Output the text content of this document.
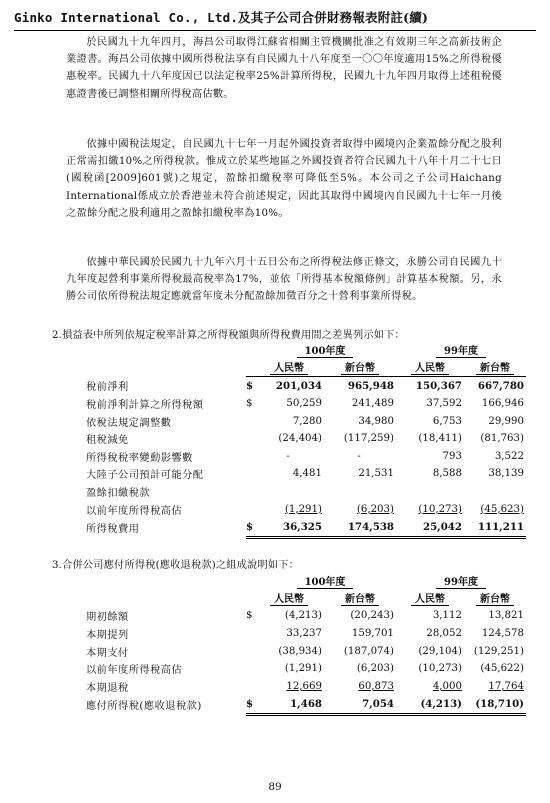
Ginko International Co., Ltd.及其子公司合併財務報表附註(續)
於民國九十九年四月，海昌公司取得江蘇省相關主管機關批准之有效期三年之高新技術企業證書。海昌公司依據中國所得稅法享有自民國九十八年度至一〇〇年度適用15%之所得稅優惠稅率。民國九十八年度因已以法定稅率25%計算所得稅，民國九十九年四月取得上述租稅優惠證書後已調整相關所得稅高估數。
依據中國稅法規定，自民國九十七年一月起外國投資者取得中國境內企業盈餘分配之股利正常需扣繳10%之所得稅款。惟成立於某些地區之外國投資者符合民國九十八年十月二十七日(國稅函[2009]601號)之規定，盈餘扣繳稅率可降低至5%。本公司之子公司Haichang International係成立於香港並未符合前述規定，因此其取得中國境內自民國九十七年一月後之盈餘分配之股利適用之盈餘扣繳稅率為10%。
依據中華民國於民國九十九年六月十五日公布之所得稅法修正條文，永勝公司自民國九十九年度起營利事業所得稅最高稅率為17%，並依「所得基本稅額條例」計算基本稅額。另，永勝公司依所得稅法規定應就當年度未分配盈餘加徵百分之十營利事業所得稅。
2.損益表中所列依規定稅率計算之所得稅額與所得稅費用間之差異列示如下：
		100年度		99年度	
		人民幣	新台幣	人民幣	新台幣
稅前淨利	$	201,034	965,948	150,367	667,780
稅前淨利計算之所得稅額	$	50,259	241,489	37,592	166,946
依稅法規定調整數		7,280	34,980	6,753	29,990
租稅減免		(24,404)	(117,259)	(18,411)	(81,763)
所得稅稅率變動影響數		-	-	793	3,522
大陸子公司預計可能分配		4,481	21,531	8,588	38,139
盈餘扣繳稅款					
以前年度所得稅高估		(1,291)	(6,203)	(10,273)	(45,623)
所得稅費用	$	36,325	174,538	25,042	111,211
3.合併公司應付所得稅(應收退稅款)之組成說明如下：
		100年度		99年度	
		人民幣	新台幣	人民幣	新台幣
期初餘額	$	(4,213)	(20,243)	3,112	13,821
本期提列		33,237	159,701	28,052	124,578
本期支付		(38,934)	(187,074)	(29,104)	(129,251)
以前年度所得稅高估		(1,291)	(6,203)	(10,273)	(45,622)
本期退稅		12,669	60,873	4,000	17,764
應付所得稅(應收退稅款)	$	1,468	7,054	(4,213)	(18,710)
89
